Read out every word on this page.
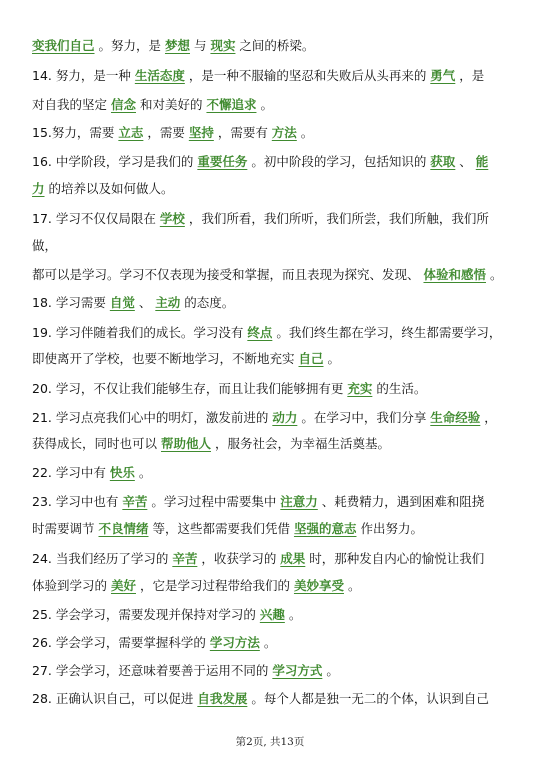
变我们自己 。努力，是 梦想 与 现实 之间的桥梁。
14. 努力，是一种 生活态度 ，是一种不服输的坚忍和失败后从头再来的 勇气 ，是
对自我的坚定 信念 和对美好的 不懈追求 。
15.努力，需要 立志 ，需要 坚持 ，需要有 方法 。
16. 中学阶段，学习是我们的 重要任务 。初中阶段的学习，包括知识的 获取 、 能
力 的培养以及如何做人。
17. 学习不仅仅局限在 学校 ，我们所看，我们所听，我们所尝，我们所触，我们所
做，
都可以是学习。学习不仅表现为接受和掌握，而且表现为探究、发现、 体验和感悟 。
18. 学习需要 自觉 、 主动 的态度。
19. 学习伴随着我们的成长。学习没有 终点 。我们终生都在学习，终生都需要学习，
即使离开了学校，也要不断地学习，不断地充实 自己 。
20. 学习，不仅让我们能够生存，而且让我们能够拥有更 充实 的生活。
21. 学习点亮我们心中的明灯，激发前进的 动力 。在学习中，我们分享 生命经验 ，
获得成长，同时也可以 帮助他人 ，服务社会，为幸福生活奠基。
22. 学习中有 快乐 。
23. 学习中也有 辛苦 。学习过程中需要集中 注意力 、耗费精力，遇到困难和阻挠
时需要调节 不良情绪 等，这些都需要我们凭借 坚强的意志 作出努力。
24. 当我们经历了学习的 辛苦 ，收获学习的 成果 时，那种发自内心的愉悦让我们
体验到学习的 美好 ，它是学习过程带给我们的 美妙享受 。
25. 学会学习，需要发现并保持对学习的 兴趣 。
26. 学会学习，需要掌握科学的 学习方法 。
27. 学会学习，还意味着要善于运用不同的 学习方式 。
28. 正确认识自己，可以促进 自我发展 。每个人都是独一无二的个体，认识到自己
第2页, 共13页
